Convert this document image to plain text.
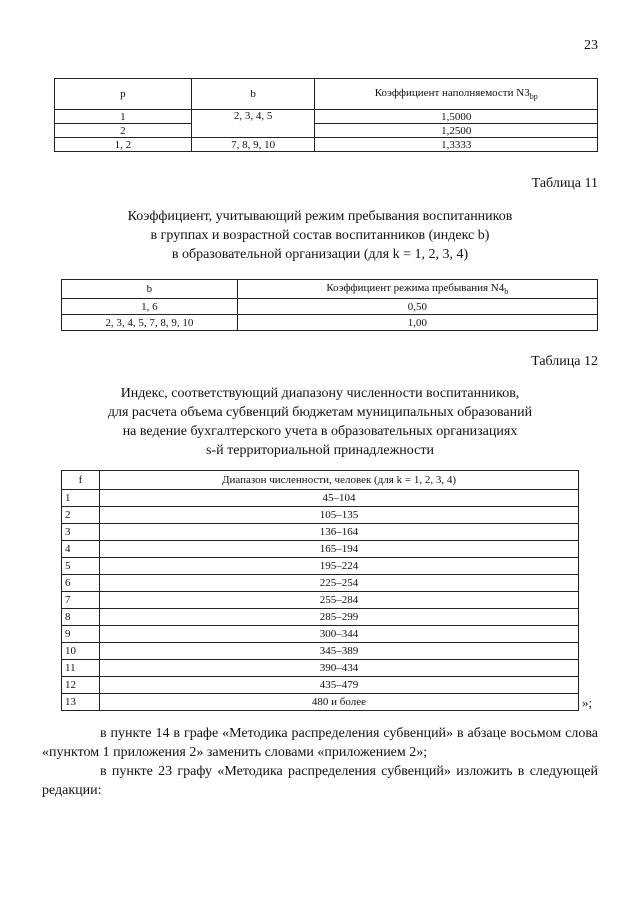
23
p	b	Коэффициент наполняемости $N3_{bp}$
1	2, 3, 4, 5	1,5000
2		1,2500
1, 2	7, 8, 9, 10	1,3333
Таблица 11
Коэффициент, учитывающий режим пребывания воспитанников
в группах и возрастной состав воспитанников (индекс b)
в образовательной организации (для k = 1, 2, 3, 4)
b	Коэффициент режима пребывания $N4_b$
1, 6	0,50
2, 3, 4, 5, 7, 8, 9, 10	1,00
Таблица 12
Индекс, соответствующий диапазону численности воспитанников,
для расчета объема субвенций бюджетам муниципальных образований
на ведение бухгалтерского учета в образовательных организациях
s-й территориальной принадлежности
f	Диапазон численности, человек (для k = 1, 2, 3, 4)
1	45–104
2	105–135
3	136–164
4	165–194
5	195–224
6	225–254
7	255–284
8	285–299
9	300–344
10	345–389
11	390–434
12	435–479
13	480 и более	»;
в пункте 14 в графе «Методика распределения субвенций» в абзаце восьмом слова «пунктом 1 приложения 2» заменить словами «приложением 2»;
в пункте 23 графу «Методика распределения субвенций» изложить в следующей редакции:
